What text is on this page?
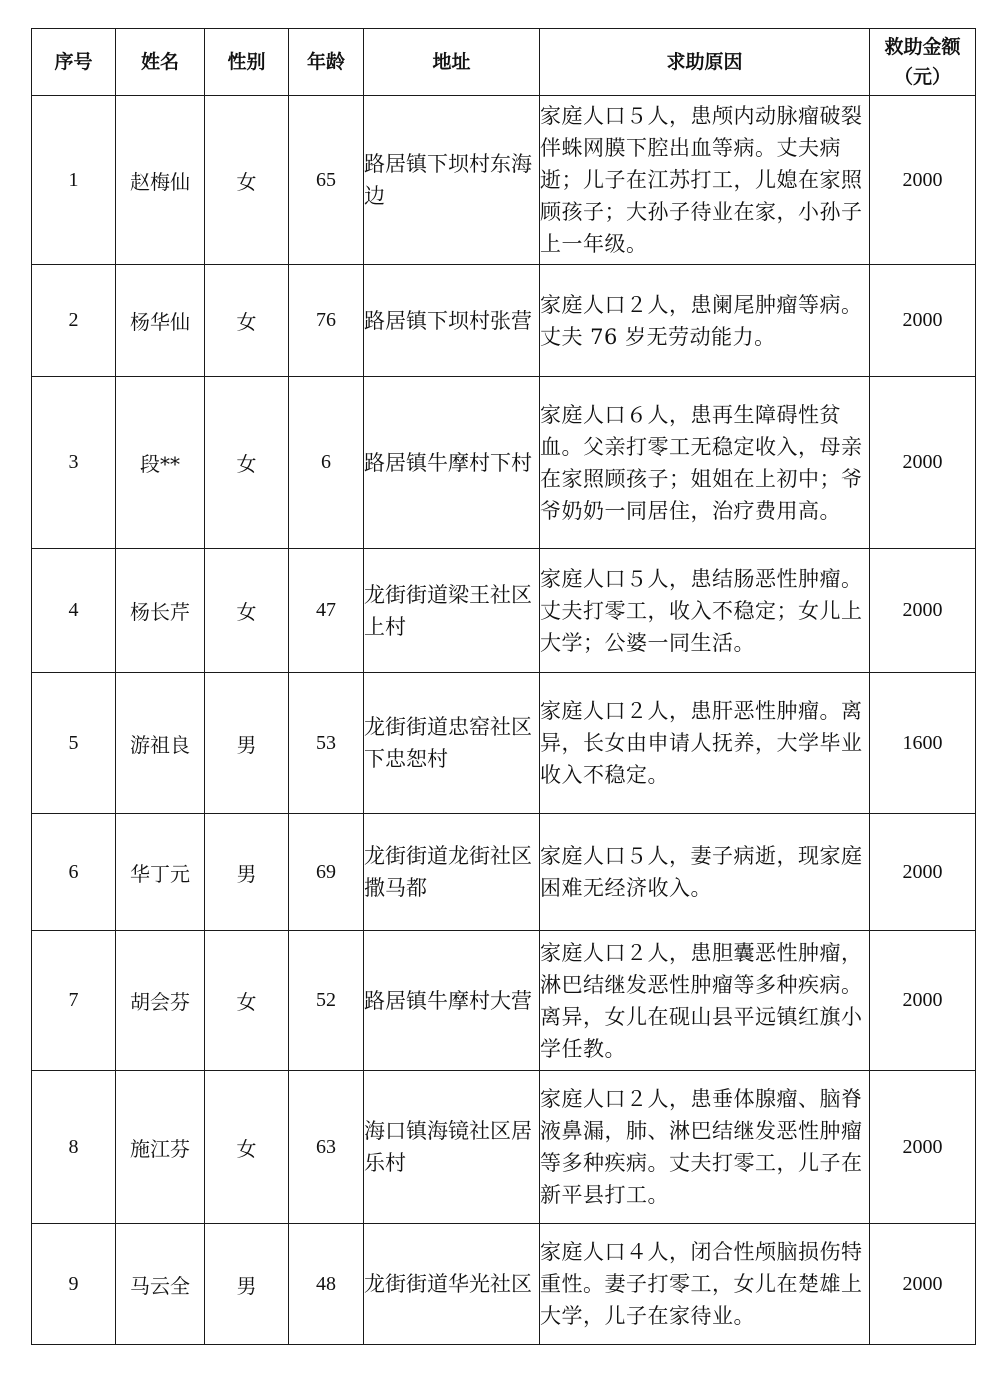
序号	姓名	性别	年龄	地址	求助原因	救助金额
（元）

1	赵梅仙	女	65	路居镇下坝村东海边	家庭人口５人，患颅内动脉瘤破裂伴蛛网膜下腔出血等病。丈夫病逝；儿子在江苏打工，儿媳在家照顾孩子；大孙子待业在家，小孙子上一年级。	2000
2	杨华仙	女	76	路居镇下坝村张营	家庭人口２人，患阑尾肿瘤等病。丈夫 76 岁无劳动能力。	2000
3	段**	女	6	路居镇牛摩村下村	家庭人口６人，患再生障碍性贫血。父亲打零工无稳定收入，母亲在家照顾孩子；姐姐在上初中；爷爷奶奶一同居住，治疗费用高。	2000
4	杨长芹	女	47	龙街街道梁王社区上村	家庭人口５人，患结肠恶性肿瘤。丈夫打零工，收入不稳定；女儿上大学；公婆一同生活。	2000
5	游祖良	男	53	龙街街道忠窑社区下忠恕村	家庭人口２人，患肝恶性肿瘤。离异，长女由申请人抚养，大学毕业收入不稳定。	1600
6	华丁元	男	69	龙街街道龙街社区撒马都	家庭人口５人，妻子病逝，现家庭困难无经济收入。	2000
7	胡会芬	女	52	路居镇牛摩村大营	家庭人口２人，患胆囊恶性肿瘤，淋巴结继发恶性肿瘤等多种疾病。离异，女儿在砚山县平远镇红旗小学任教。	2000
8	施江芬	女	63	海口镇海镜社区居乐村	家庭人口２人，患垂体腺瘤、脑脊液鼻漏，肺、淋巴结继发恶性肿瘤等多种疾病。丈夫打零工，儿子在新平县打工。	2000
9	马云全	男	48	龙街街道华光社区	家庭人口４人，闭合性颅脑损伤特重性。妻子打零工，女儿在楚雄上大学，儿子在家待业。	2000
